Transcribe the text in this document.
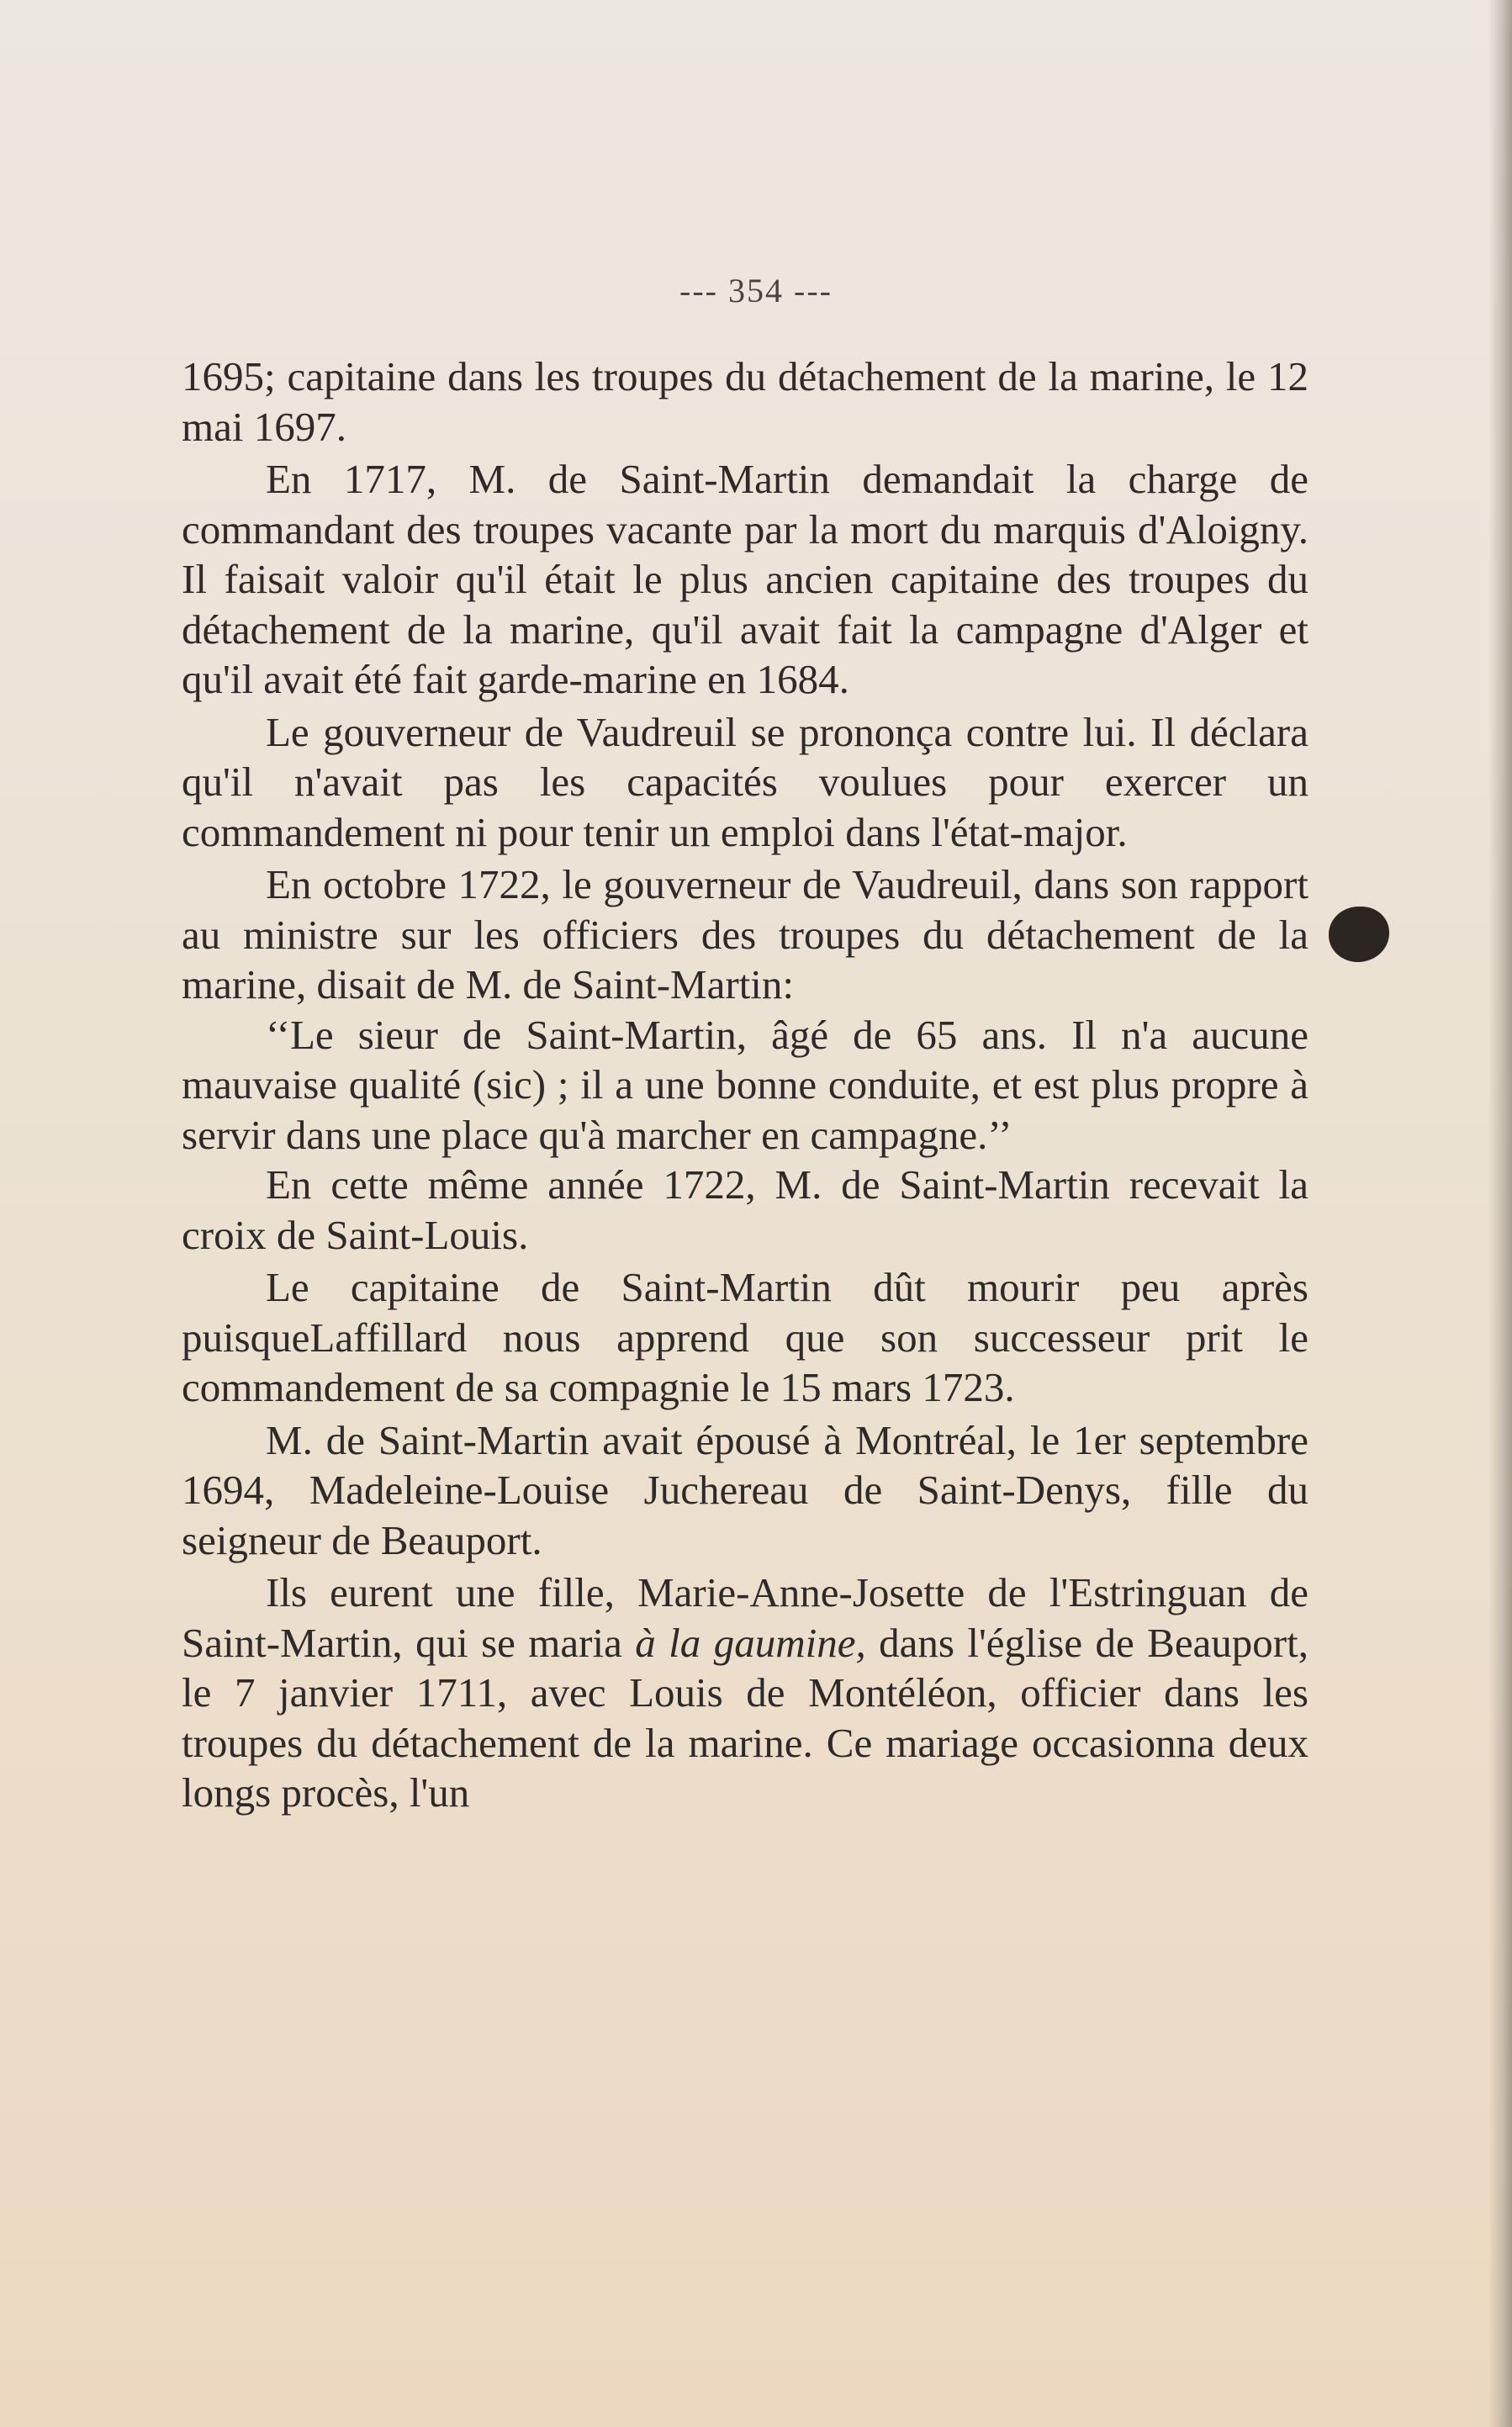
--- 354 ---

1695; capitaine dans les troupes du détachement de la marine, le 12 mai 1697.

En 1717, M. de Saint-Martin demandait la charge de commandant des troupes vacante par la mort du marquis d'Aloigny. Il faisait valoir qu'il était le plus ancien capitaine des troupes du détachement de la marine, qu'il avait fait la campagne d'Alger et qu'il avait été fait garde-marine en 1684.

Le gouverneur de Vaudreuil se prononça contre lui. Il déclara qu'il n'avait pas les capacités voulues pour exercer un commandement ni pour tenir un emploi dans l'état-major.

En octobre 1722, le gouverneur de Vaudreuil, dans son rapport au ministre sur les officiers des troupes du détachement de la marine, disait de M. de Saint-Martin:

‘‘Le sieur de Saint-Martin, âgé de 65 ans. Il n'a aucune mauvaise qualité (sic) ; il a une bonne conduite, et est plus propre à servir dans une place qu'à marcher en campagne.’’

En cette même année 1722, M. de Saint-Martin recevait la croix de Saint-Louis.

Le capitaine de Saint-Martin dût mourir peu après puisqueLaffillard nous apprend que son successeur prit le commandement de sa compagnie le 15 mars 1723.

M. de Saint-Martin avait épousé à Montréal, le 1er septembre 1694, Madeleine-Louise Juchereau de Saint-Denys, fille du seigneur de Beauport.

Ils eurent une fille, Marie-Anne-Josette de l'Estringuan de Saint-Martin, qui se maria à la gaumine, dans l'église de Beauport, le 7 janvier 1711, avec Louis de Montéléon, officier dans les troupes du détachement de la marine. Ce mariage occasionna deux longs procès, l'un
